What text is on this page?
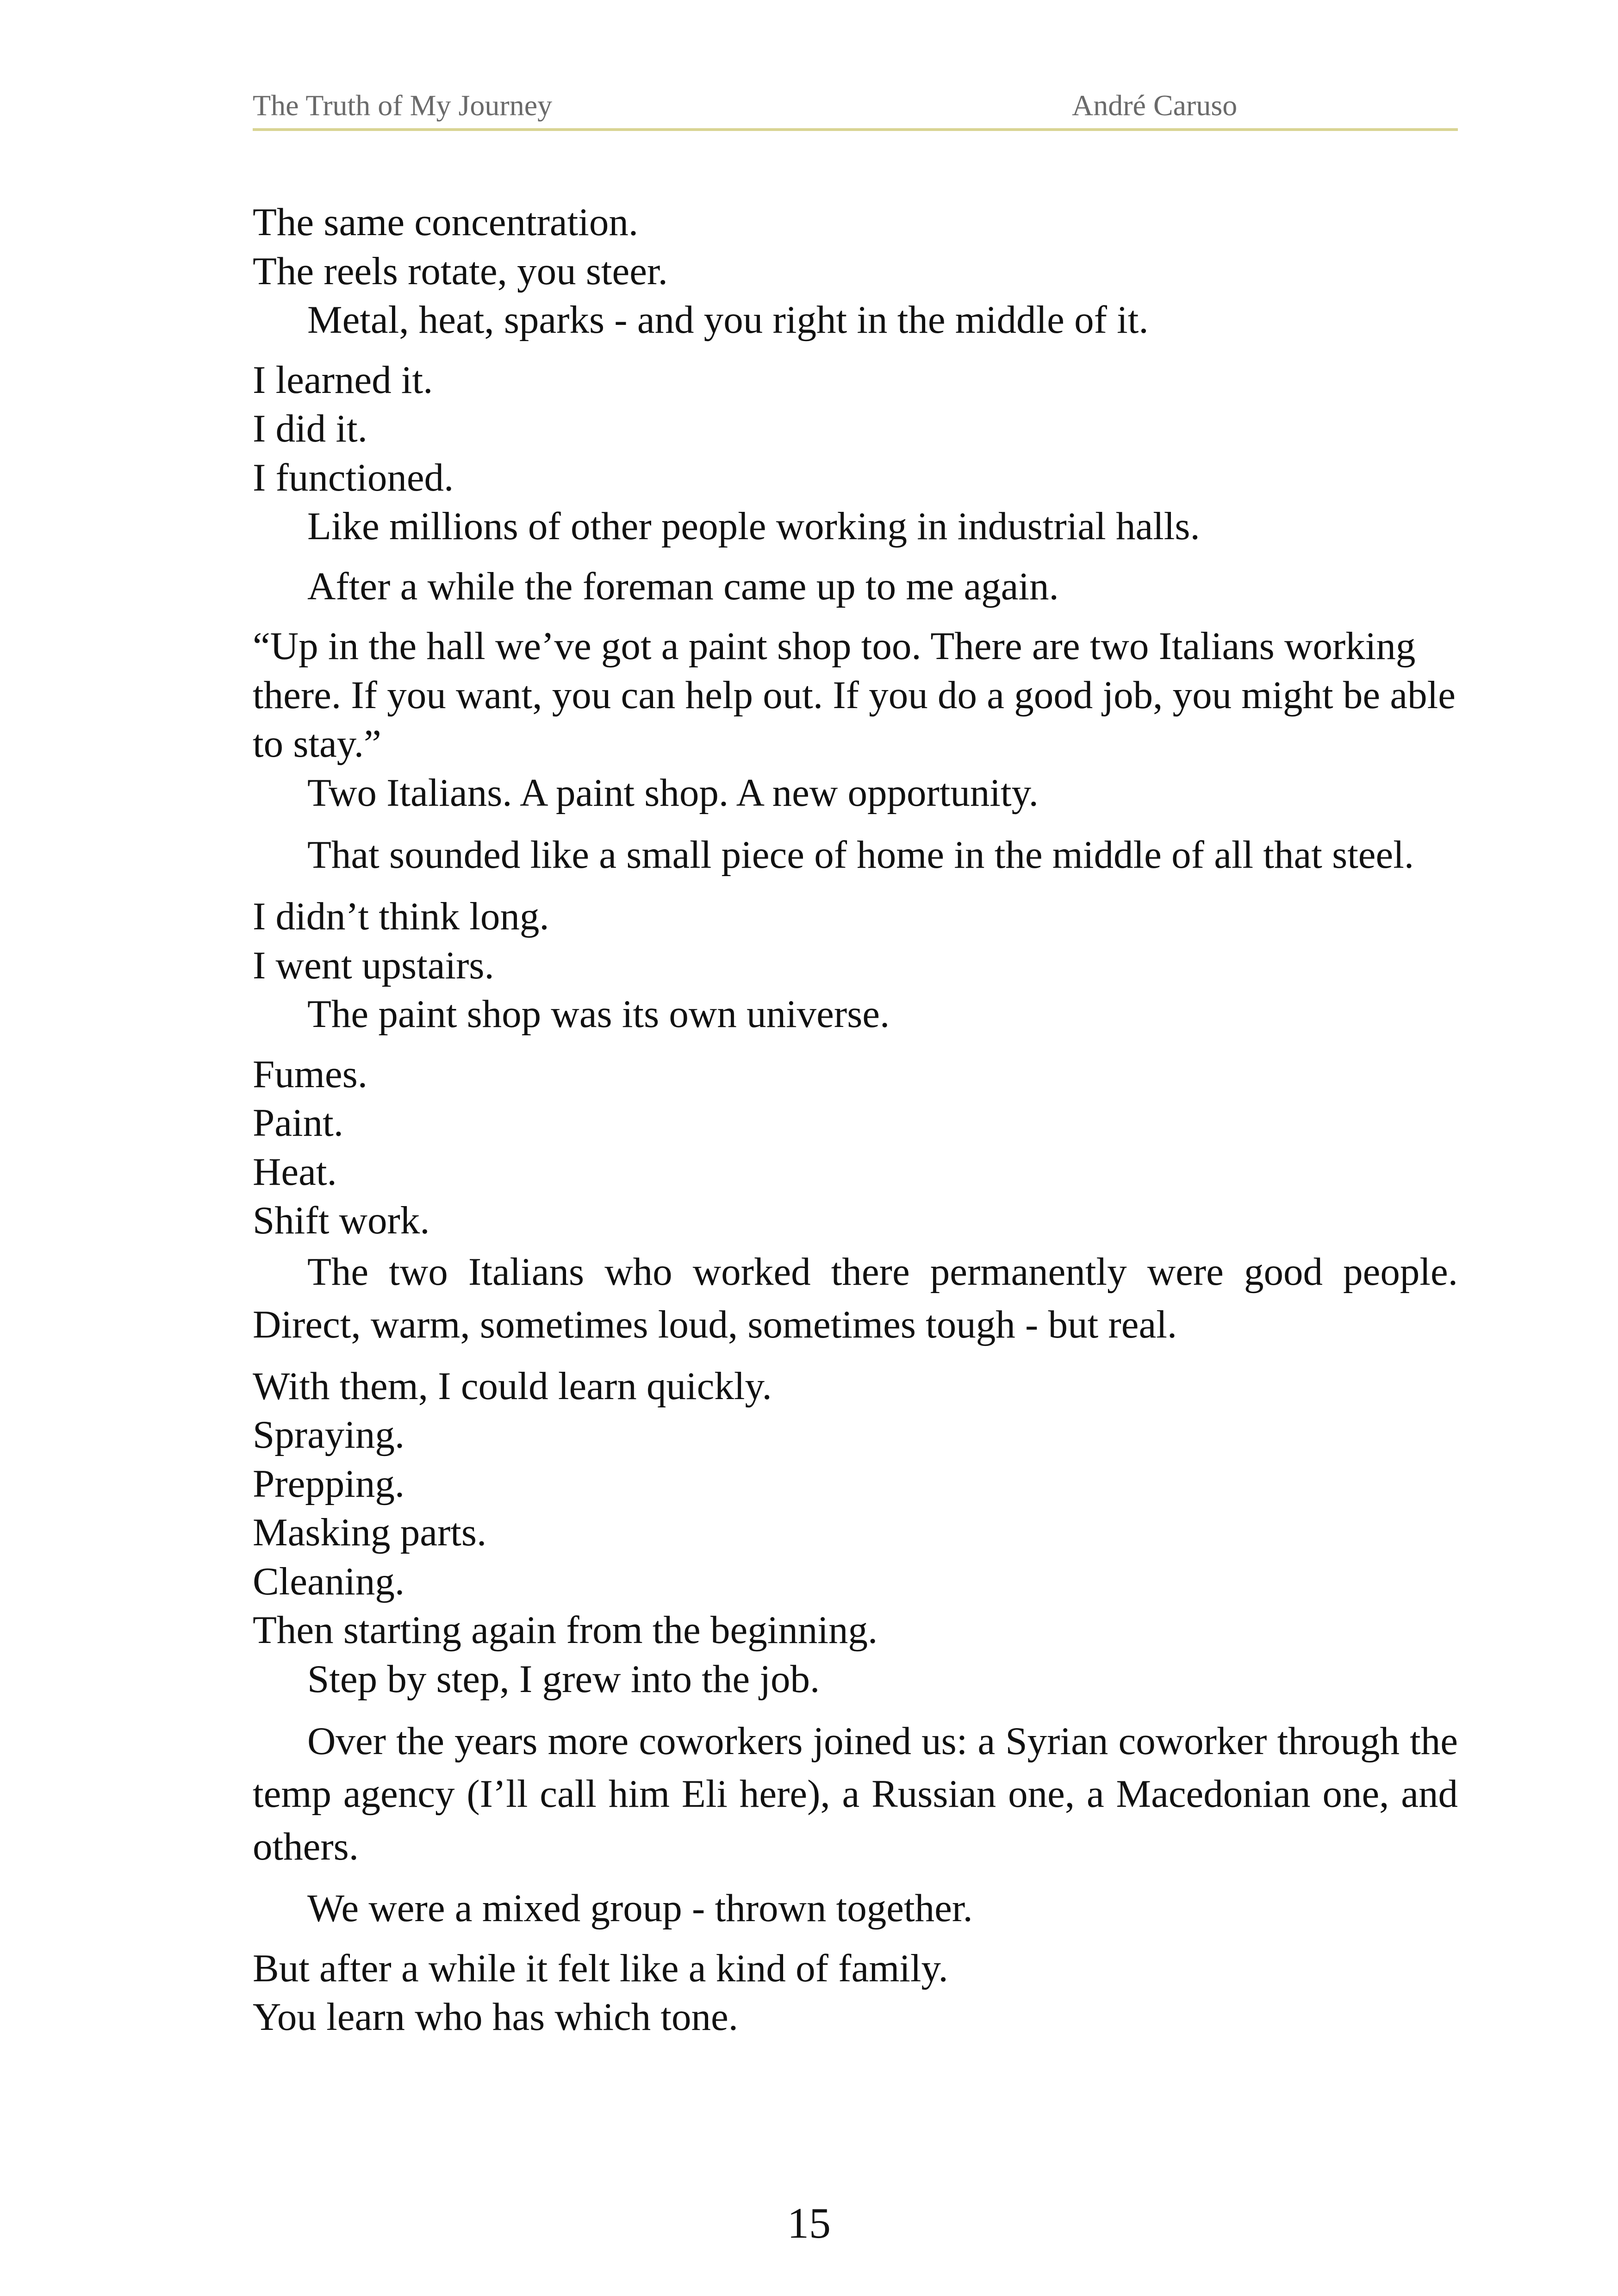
The Truth of My Journey	André Caruso

The same concentration.

The reels rotate, you steer.

Metal, heat, sparks - and you right in the middle of it.

I learned it.

I did it.

I functioned.

Like millions of other people working in industrial halls.

After a while the foreman came up to me again.

“Up in the hall we’ve got a paint shop too. There are two Italians working there. If you want, you can help out. If you do a good job, you might be able to stay.”

Two Italians. A paint shop. A new opportunity.

That sounded like a small piece of home in the middle of all that steel.

I didn’t think long.

I went upstairs.

The paint shop was its own universe.

Fumes.

Paint.

Heat.

Shift work.

The two Italians who worked there permanently were good people. Direct, warm, sometimes loud, sometimes tough - but real.

With them, I could learn quickly.

Spraying.

Prepping.

Masking parts.

Cleaning.

Then starting again from the beginning.

Step by step, I grew into the job.

Over the years more coworkers joined us: a Syrian coworker through the temp agency (I’ll call him Eli here), a Russian one, a Macedonian one, and others.

We were a mixed group - thrown together.

But after a while it felt like a kind of family.

You learn who has which tone.

15
